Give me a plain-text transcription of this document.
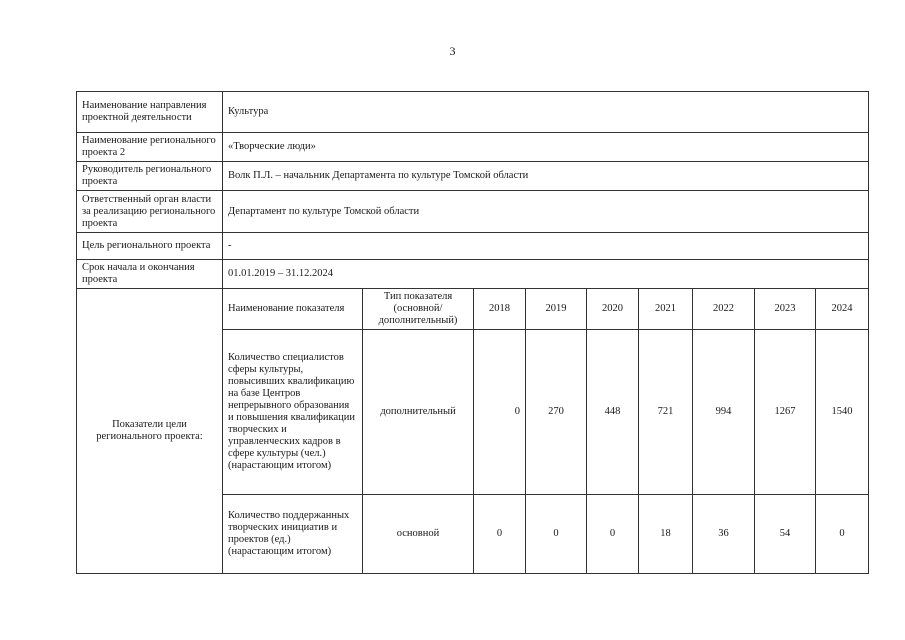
3
Наименование направления проектной деятельности	Культура								
Наименование регионального проекта 2	«Творческие люди»								
Руководитель регионального проекта	Волк П.Л. – начальник Департамента по культуре Томской области								
Ответственный орган власти за реализацию регионального проекта	Департамент по культуре Томской области								
Цель регионального проекта	-								
Срок начала и окончания проекта	01.01.2019 – 31.12.2024								
Показатели цели регионального проекта:	Наименование показателя	Тип показателя (основной/ дополнительный)	2018	2019	2020	2021	2022	2023	2024
	Количество специалистов сферы культуры, повысивших квалификацию на базе Центров непрерывного образования и повышения квалификации творческих и управленческих кадров в сфере культуры (чел.) (нарастающим итогом)	дополнительный	0	270	448	721	994	1267	1540
	Количество поддержанных творческих инициатив и проектов (ед.) (нарастающим итогом)	основной	0	0	0	18	36	54	0
